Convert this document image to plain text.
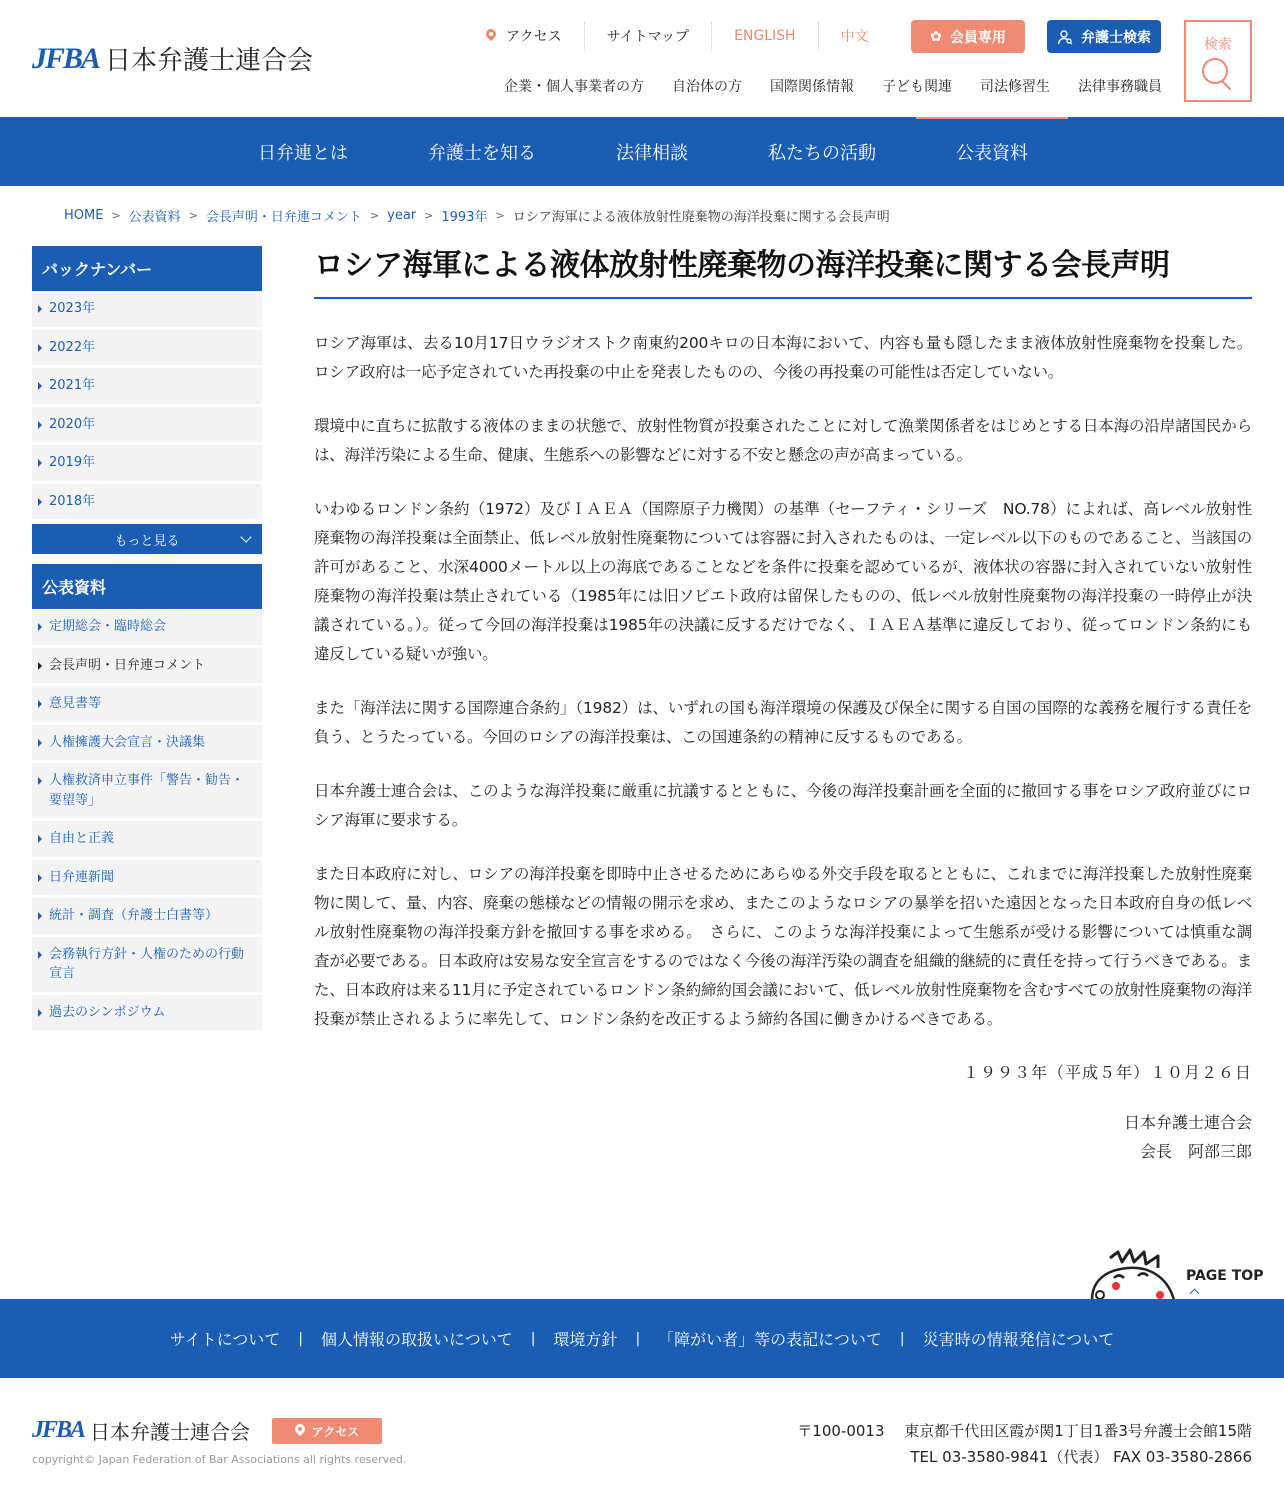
JFBA 日本弁護士連合会
アクセス	サイトマップ	ENGLISH	中文	✿ 会員専用	弁護士検索	検索
企業・個人事業者の方	自治体の方	国際関係情報	子ども関連	司法修習生	法律事務職員
日弁連とは	弁護士を知る	法律相談	私たちの活動	公表資料
HOME > 公表資料 > 会長声明・日弁連コメント > year > 1993年 > ロシア海軍による液体放射性廃棄物の海洋投棄に関する会長声明
バックナンバー
2023年
2022年
2021年
2020年
2019年
2018年
もっと見る
公表資料
定期総会・臨時総会
会長声明・日弁連コメント
意見書等
人権擁護大会宣言・決議集
人権救済申立事件「警告・勧告・要望等」
自由と正義
日弁連新聞
統計・調査（弁護士白書等）
会務執行方針・人権のための行動宣言
過去のシンポジウム
ロシア海軍による液体放射性廃棄物の海洋投棄に関する会長声明

ロシア海軍は、去る10月17日ウラジオストク南東約200キロの日本海において、内容も量も隠したまま液体放射性廃棄物を投棄した。ロシア政府は一応予定されていた再投棄の中止を発表したものの、今後の再投棄の可能性は否定していない。

環境中に直ちに拡散する液体のままの状態で、放射性物質が投棄されたことに対して漁業関係者をはじめとする日本海の沿岸諸国民からは、海洋汚染による生命、健康、生態系への影響などに対する不安と懸念の声が高まっている。

いわゆるロンドン条約（1972）及びＩＡＥＡ（国際原子力機関）の基準（セーフティ・シリーズ　NO.78）によれば、高レベル放射性廃棄物の海洋投棄は全面禁止、低レベル放射性廃棄物については容器に封入されたものは、一定レベル以下のものであること、当該国の許可があること、水深4000メートル以上の海底であることなどを条件に投棄を認めているが、液体状の容器に封入されていない放射性廃棄物の海洋投棄は禁止されている（1985年には旧ソビエト政府は留保したものの、低レベル放射性廃棄物の海洋投棄の一時停止が決議されている。）。従って今回の海洋投棄は1985年の決議に反するだけでなく、ＩＡＥＡ基準に違反しており、従ってロンドン条約にも違反している疑いが強い。

また「海洋法に関する国際連合条約」（1982）は、いずれの国も海洋環境の保護及び保全に関する自国の国際的な義務を履行する責任を負う、とうたっている。今回のロシアの海洋投棄は、この国連条約の精神に反するものである。

日本弁護士連合会は、このような海洋投棄に厳重に抗議するとともに、今後の海洋投棄計画を全面的に撤回する事をロシア政府並びにロシア海軍に要求する。

また日本政府に対し、ロシアの海洋投棄を即時中止させるためにあらゆる外交手段を取るとともに、これまでに海洋投棄した放射性廃棄物に関して、量、内容、廃棄の態様などの情報の開示を求め、またこのようなロシアの暴挙を招いた遠因となった日本政府自身の低レベル放射性廃棄物の海洋投棄方針を撤回する事を求める。　さらに、このような海洋投棄によって生態系が受ける影響については慎重な調査が必要である。日本政府は安易な安全宣言をするのではなく今後の海洋汚染の調査を組織的継続的に責任を持って行うべきである。また、日本政府は来る11月に予定されているロンドン条約締約国会議において、低レベル放射性廃棄物を含むすべての放射性廃棄物の海洋投棄が禁止されるように率先して、ロンドン条約を改正するよう締約各国に働きかけるべきである。

１９９３年（平成５年）１０月２６日

日本弁護士連合会
会長　阿部三郎
PAGE TOP
サイトについて | 個人情報の取扱いについて | 環境方針 | 「障がい者」等の表記について | 災害時の情報発信について
JFBA 日本弁護士連合会	アクセス
copyright© Japan Federation of Bar Associations all rights reserved.
〒100-0013　 東京都千代田区霞が関1丁目1番3号弁護士会館15階
TEL 03-3580-9841（代表） FAX 03-3580-2866
